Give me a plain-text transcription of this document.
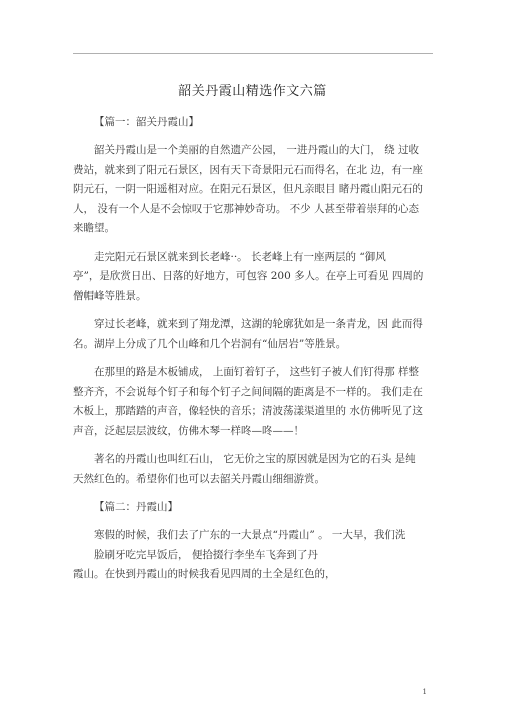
韶关丹霞山精选作文六篇
【篇一：韶关丹霞山】
韶关丹霞山是一个美丽的自然遗产公园， 一进丹霞山的大门， 绕 过收
费站，就来到了阳元石景区，因有天下奇景阳元石而得名，在北 边，有一座
阴元石，一阴一阳遥相对应。在阳元石景区，但凡亲眼目 睹丹霞山阳元石的
人， 没有一个人是不会惊叹于它那神妙奇功。 不少 人甚至带着崇拜的心态
来瞻望。
走完阳元石景区就来到长老峰··。 长老峰上有一座两层的 “御风
亭”，是欣赏日出、日落的好地方，可包容 200 多人。在亭上可看见 四周的
僧帽峰等胜景。
穿过长老峰，就来到了翔龙潭，这湖的轮廓犹如是一条青龙，因 此而得
名。湖岸上分成了几个山峰和几个岩洞有“仙居岩”等胜景。
在那里的路是木板铺成， 上面钉着钉子， 这些钉子被人们钉得那 样整
整齐齐，不会说每个钉子和每个钉子之间间隔的距离是不一样的。 我们走在
木板上，那踏踏的声音，像轻快的音乐；清波荡漾渠道里的 水仿佛听见了这
声音，泛起层层波纹，仿佛木琴一样咚—咚——！
著名的丹霞山也叫红石山， 它无价之宝的原因就是因为它的石头 是纯
天然红色的。希望你们也可以去韶关丹霞山细细游赏。
【篇二：丹霞山】
寒假的时候，我们去了广东的一大景点“丹霞山” 。 一大早，我们洗
脸刷牙吃完早饭后， 便拾掇行李坐车飞奔到了丹
霞山。在快到丹霞山的时候我看见四周的土全是红色的，
1
